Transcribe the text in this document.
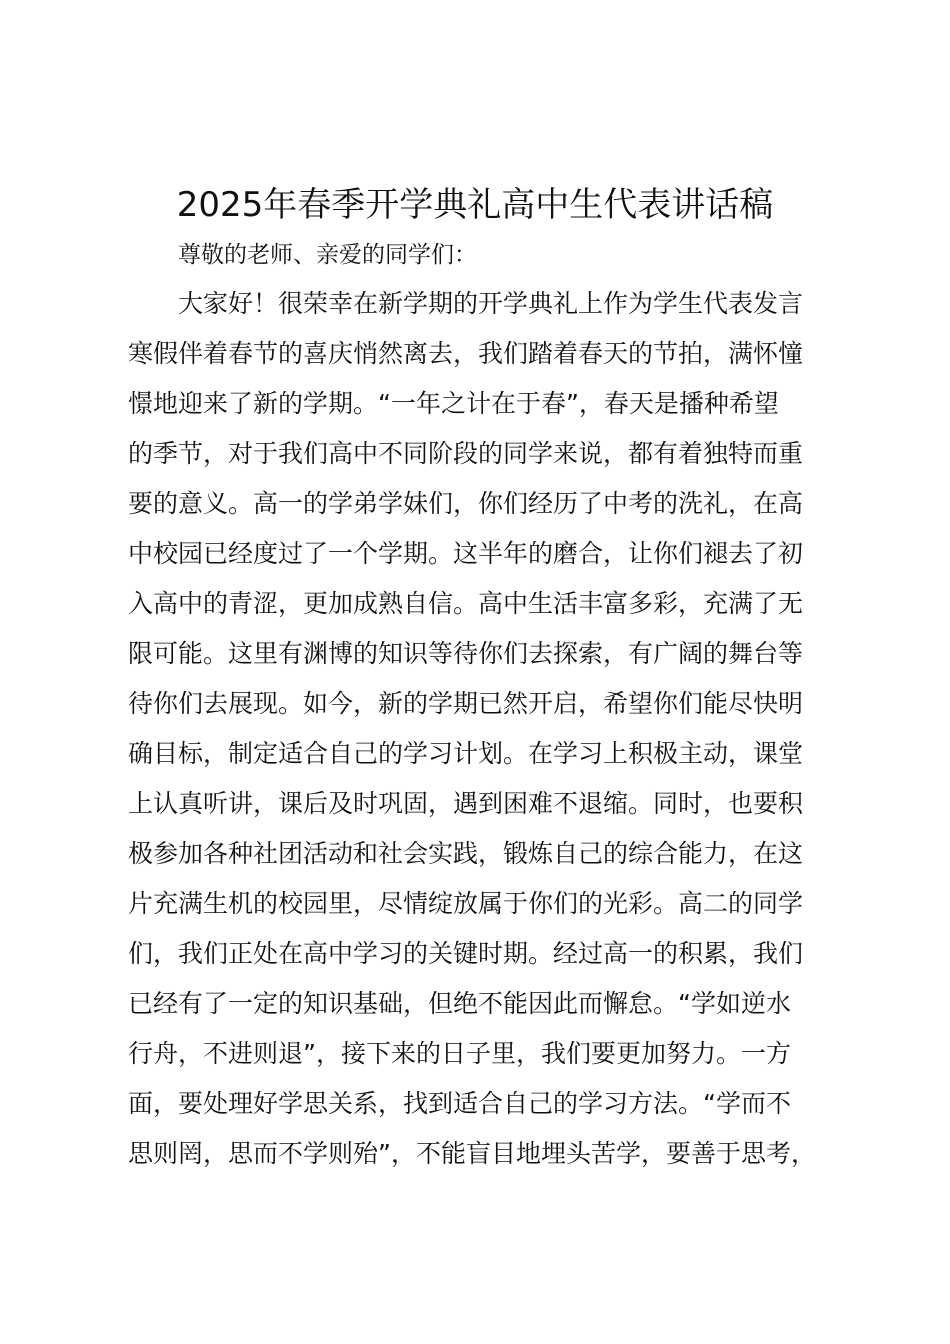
2025年春季开学典礼高中生代表讲话稿
尊敬的老师、亲爱的同学们：
大家好！很荣幸在新学期的开学典礼上作为学生代表发言
寒假伴着春节的喜庆悄然离去，我们踏着春天的节拍，满怀憧
憬地迎来了新的学期。“一年之计在于春”，春天是播种希望
的季节，对于我们高中不同阶段的同学来说，都有着独特而重
要的意义。高一的学弟学妹们，你们经历了中考的洗礼，在高
中校园已经度过了一个学期。这半年的磨合，让你们褪去了初
入高中的青涩，更加成熟自信。高中生活丰富多彩，充满了无
限可能。这里有渊博的知识等待你们去探索，有广阔的舞台等
待你们去展现。如今，新的学期已然开启，希望你们能尽快明
确目标，制定适合自己的学习计划。在学习上积极主动，课堂
上认真听讲，课后及时巩固，遇到困难不退缩。同时，也要积
极参加各种社团活动和社会实践，锻炼自己的综合能力，在这
片充满生机的校园里，尽情绽放属于你们的光彩。高二的同学
们，我们正处在高中学习的关键时期。经过高一的积累，我们
已经有了一定的知识基础，但绝不能因此而懈怠。“学如逆水
行舟，不进则退”，接下来的日子里，我们要更加努力。一方
面，要处理好学思关系，找到适合自己的学习方法。“学而不
思则罔，思而不学则殆”，不能盲目地埋头苦学，要善于思考，
